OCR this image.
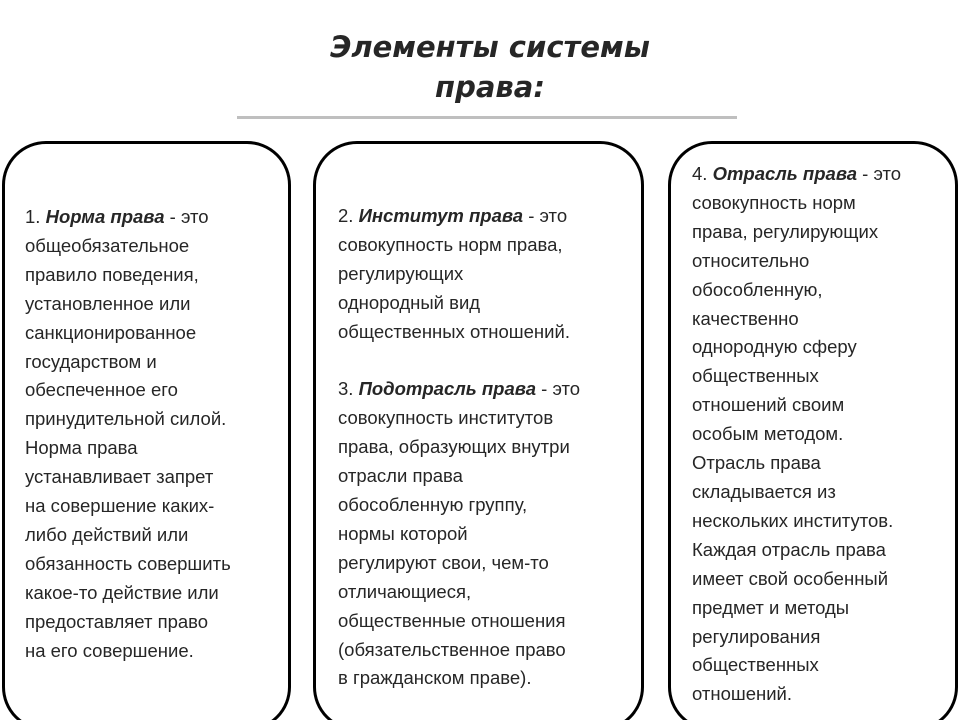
Элементы системы
права:

1. Норма права - это

общеобязательное

правило поведения,

установленное или

санкционированное

государством и

обеспеченное его

принудительной силой.

Норма права

устанавливает запрет

на совершение каких-

либо действий или

обязанность совершить

какое-то действие или

предоставляет право

на его совершение.

2. Институт права - это

совокупность норм права,

регулирующих

однородный вид

общественных отношений.

3. Подотрасль права - это

совокупность институтов

права, образующих внутри

отрасли права

обособленную группу,

нормы которой

регулируют свои, чем-то

отличающиеся,

общественные отношения

(обязательственное право

в гражданском праве).

4. Отрасль права - это

совокупность норм

права, регулирующих

относительно

обособленную,

качественно

однородную сферу

общественных

отношений своим

особым методом.

Отрасль права

складывается из

нескольких институтов.

Каждая отрасль права

имеет свой особенный

предмет и методы

регулирования

общественных

отношений.
